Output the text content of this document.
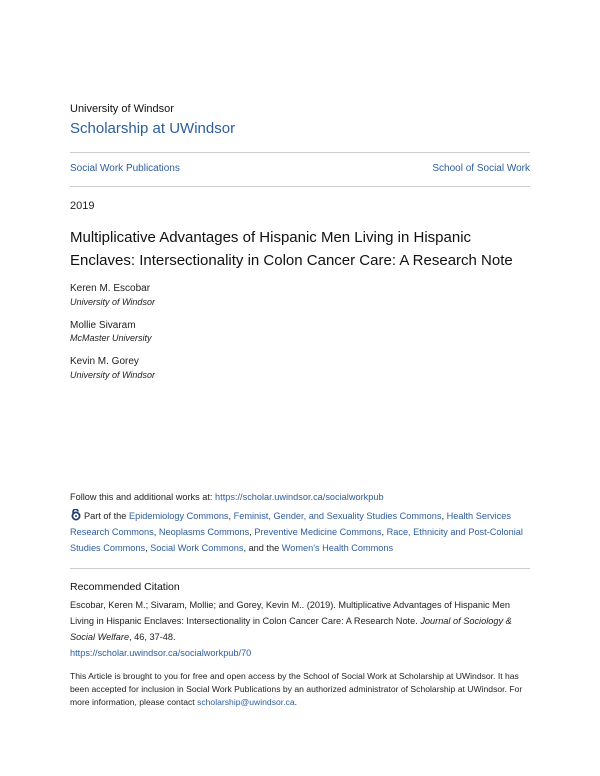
University of Windsor
Scholarship at UWindsor
Social Work Publications	School of Social Work
2019
Multiplicative Advantages of Hispanic Men Living in Hispanic Enclaves: Intersectionality in Colon Cancer Care: A Research Note
Keren M. Escobar
University of Windsor
Mollie Sivaram
McMaster University
Kevin M. Gorey
University of Windsor
Follow this and additional works at: https://scholar.uwindsor.ca/socialworkpub
Part of the Epidemiology Commons, Feminist, Gender, and Sexuality Studies Commons, Health Services Research Commons, Neoplasms Commons, Preventive Medicine Commons, Race, Ethnicity and Post-Colonial Studies Commons, Social Work Commons, and the Women's Health Commons
Recommended Citation
Escobar, Keren M.; Sivaram, Mollie; and Gorey, Kevin M.. (2019). Multiplicative Advantages of Hispanic Men Living in Hispanic Enclaves: Intersectionality in Colon Cancer Care: A Research Note. Journal of Sociology & Social Welfare, 46, 37-48.
https://scholar.uwindsor.ca/socialworkpub/70
This Article is brought to you for free and open access by the School of Social Work at Scholarship at UWindsor. It has been accepted for inclusion in Social Work Publications by an authorized administrator of Scholarship at UWindsor. For more information, please contact scholarship@uwindsor.ca.
